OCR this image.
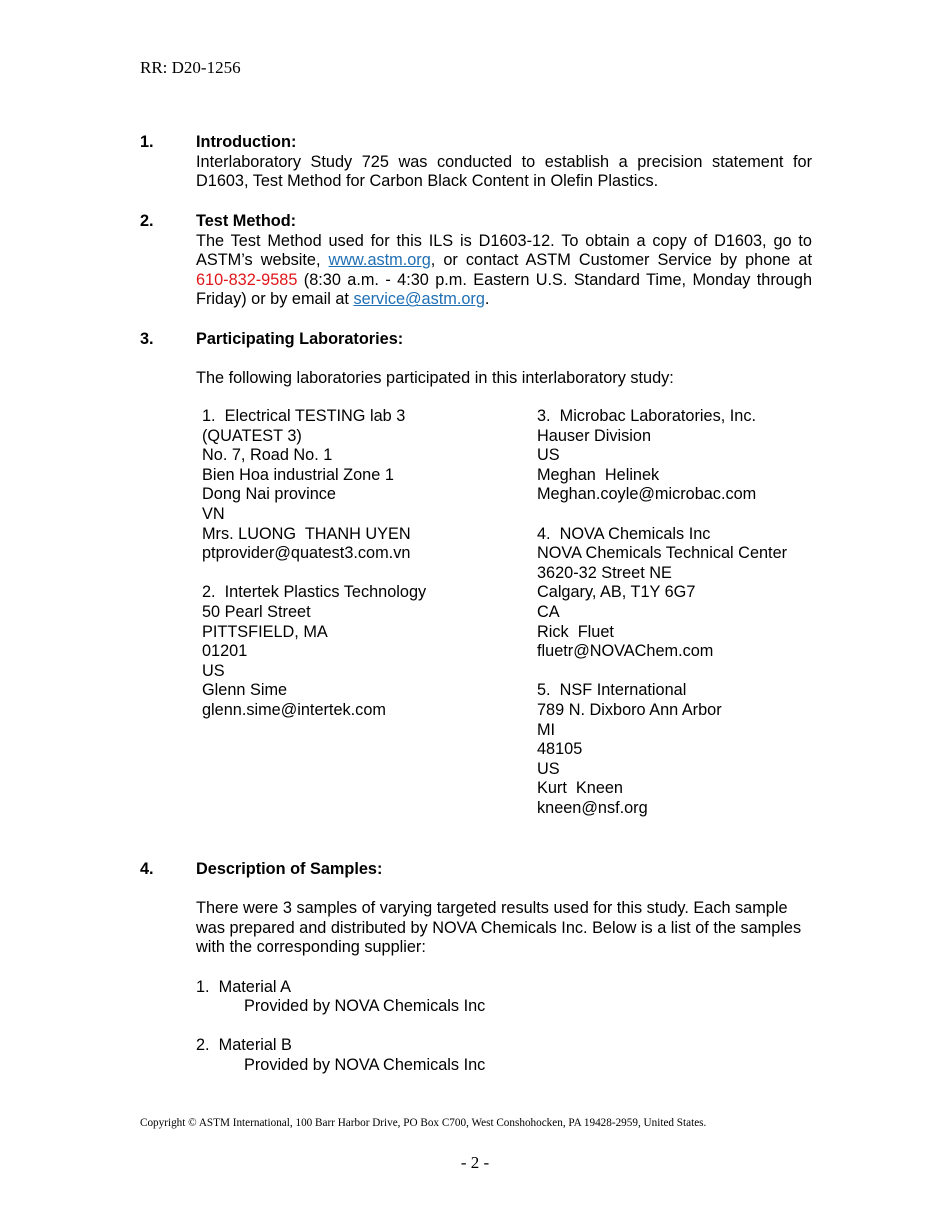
RR: D20-1256
1.	Introduction:
Interlaboratory Study 725 was conducted to establish a precision statement for D1603, Test Method for Carbon Black Content in Olefin Plastics.
2.	Test Method:
The Test Method used for this ILS is D1603-12. To obtain a copy of D1603, go to ASTM’s website, www.astm.org, or contact ASTM Customer Service by phone at 610-832-9585 (8:30 a.m. - 4:30 p.m. Eastern U.S. Standard Time, Monday through Friday) or by email at service@astm.org.
3.	Participating Laboratories:
The following laboratories participated in this interlaboratory study:
1.  Electrical TESTING lab 3
(QUATEST 3)
No. 7, Road No. 1
Bien Hoa industrial Zone 1
Dong Nai province
VN
Mrs. LUONG  THANH UYEN
ptprovider@quatest3.com.vn
2.  Intertek Plastics Technology
50 Pearl Street
PITTSFIELD, MA
01201
US
Glenn Sime
glenn.sime@intertek.com
3.  Microbac Laboratories, Inc.
Hauser Division
US
Meghan  Helinek
Meghan.coyle@microbac.com
4.  NOVA Chemicals Inc
NOVA Chemicals Technical Center
3620-32 Street NE
Calgary, AB, T1Y 6G7
CA
Rick  Fluet
fluetr@NOVAChem.com
5.  NSF International
789 N. Dixboro Ann Arbor
MI
48105
US
Kurt  Kneen
kneen@nsf.org
4.	Description of Samples:
There were 3 samples of varying targeted results used for this study. Each sample was prepared and distributed by NOVA Chemicals Inc. Below is a list of the samples with the corresponding supplier:
1.  Material A
Provided by NOVA Chemicals Inc
2.  Material B
Provided by NOVA Chemicals Inc
Copyright © ASTM International, 100 Barr Harbor Drive, PO Box C700, West Conshohocken, PA 19428-2959, United States.
- 2 -
